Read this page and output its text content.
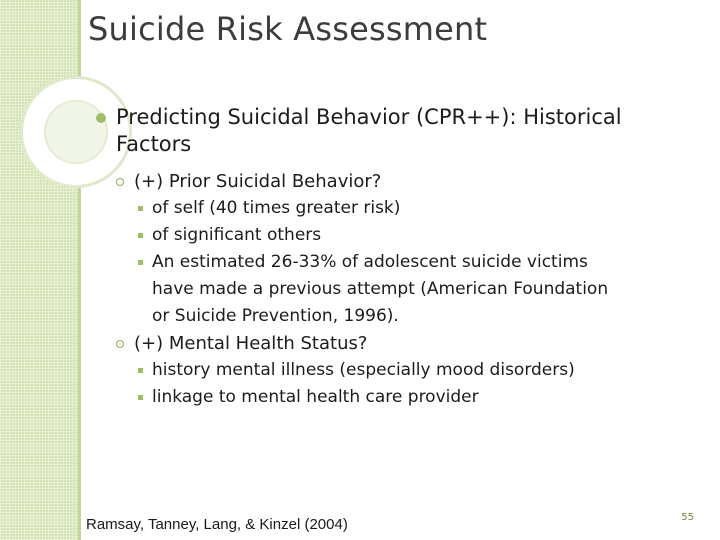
Suicide Risk Assessment
Predicting Suicidal Behavior (CPR++): Historical
Factors
(+) Prior Suicidal Behavior?
of self (40 times greater risk)
of significant others
An estimated 26-33% of adolescent suicide victims
have made a previous attempt (American Foundation
or Suicide Prevention, 1996).
(+) Mental Health Status?
history mental illness (especially mood disorders)
linkage to mental health care provider
Ramsay, Tanney, Lang, & Kinzel (2004)	55
